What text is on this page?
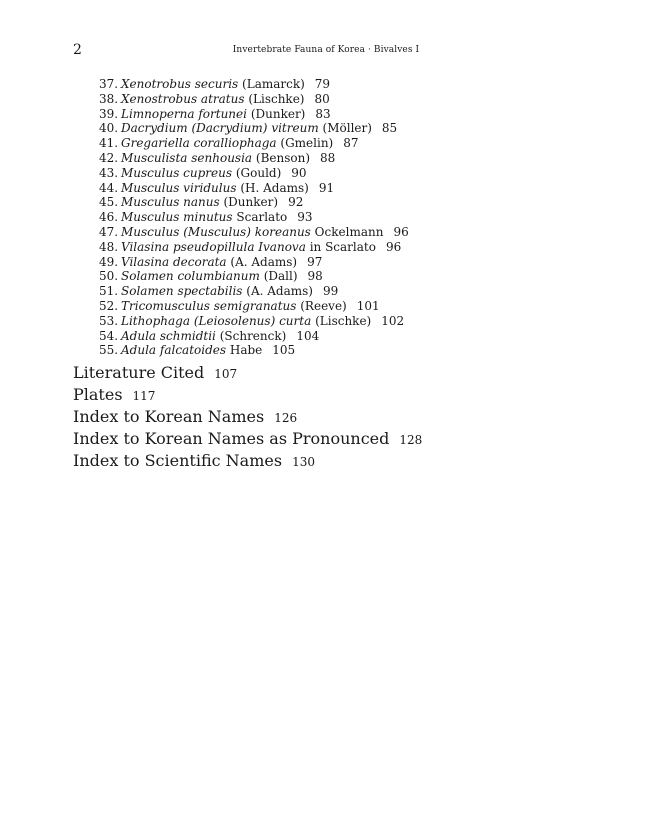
2	Invertebrate Fauna of Korea · Bivalves I
37. Xenotrobus securis (Lamarck) 79
38. Xenostrobus atratus (Lischke) 80
39. Limnoperna fortunei (Dunker) 83
40. Dacrydium (Dacrydium) vitreum (Möller) 85
41. Gregariella coralliophaga (Gmelin) 87
42. Musculista senhousia (Benson) 88
43. Musculus cupreus (Gould) 90
44. Musculus viridulus (H. Adams) 91
45. Musculus nanus (Dunker) 92
46. Musculus minutus Scarlato 93
47. Musculus (Musculus) koreanus Ockelmann 96
48. Vilasina pseudopillula Ivanova in Scarlato 96
49. Vilasina decorata (A. Adams) 97
50. Solamen columbianum (Dall) 98
51. Solamen spectabilis (A. Adams) 99
52. Tricomusculus semigranatus (Reeve) 101
53. Lithophaga (Leiosolenus) curta (Lischke) 102
54. Adula schmidtii (Schrenck) 104
55. Adula falcatoides Habe 105
Literature Cited 107
Plates 117
Index to Korean Names 126
Index to Korean Names as Pronounced 128
Index to Scientific Names 130
